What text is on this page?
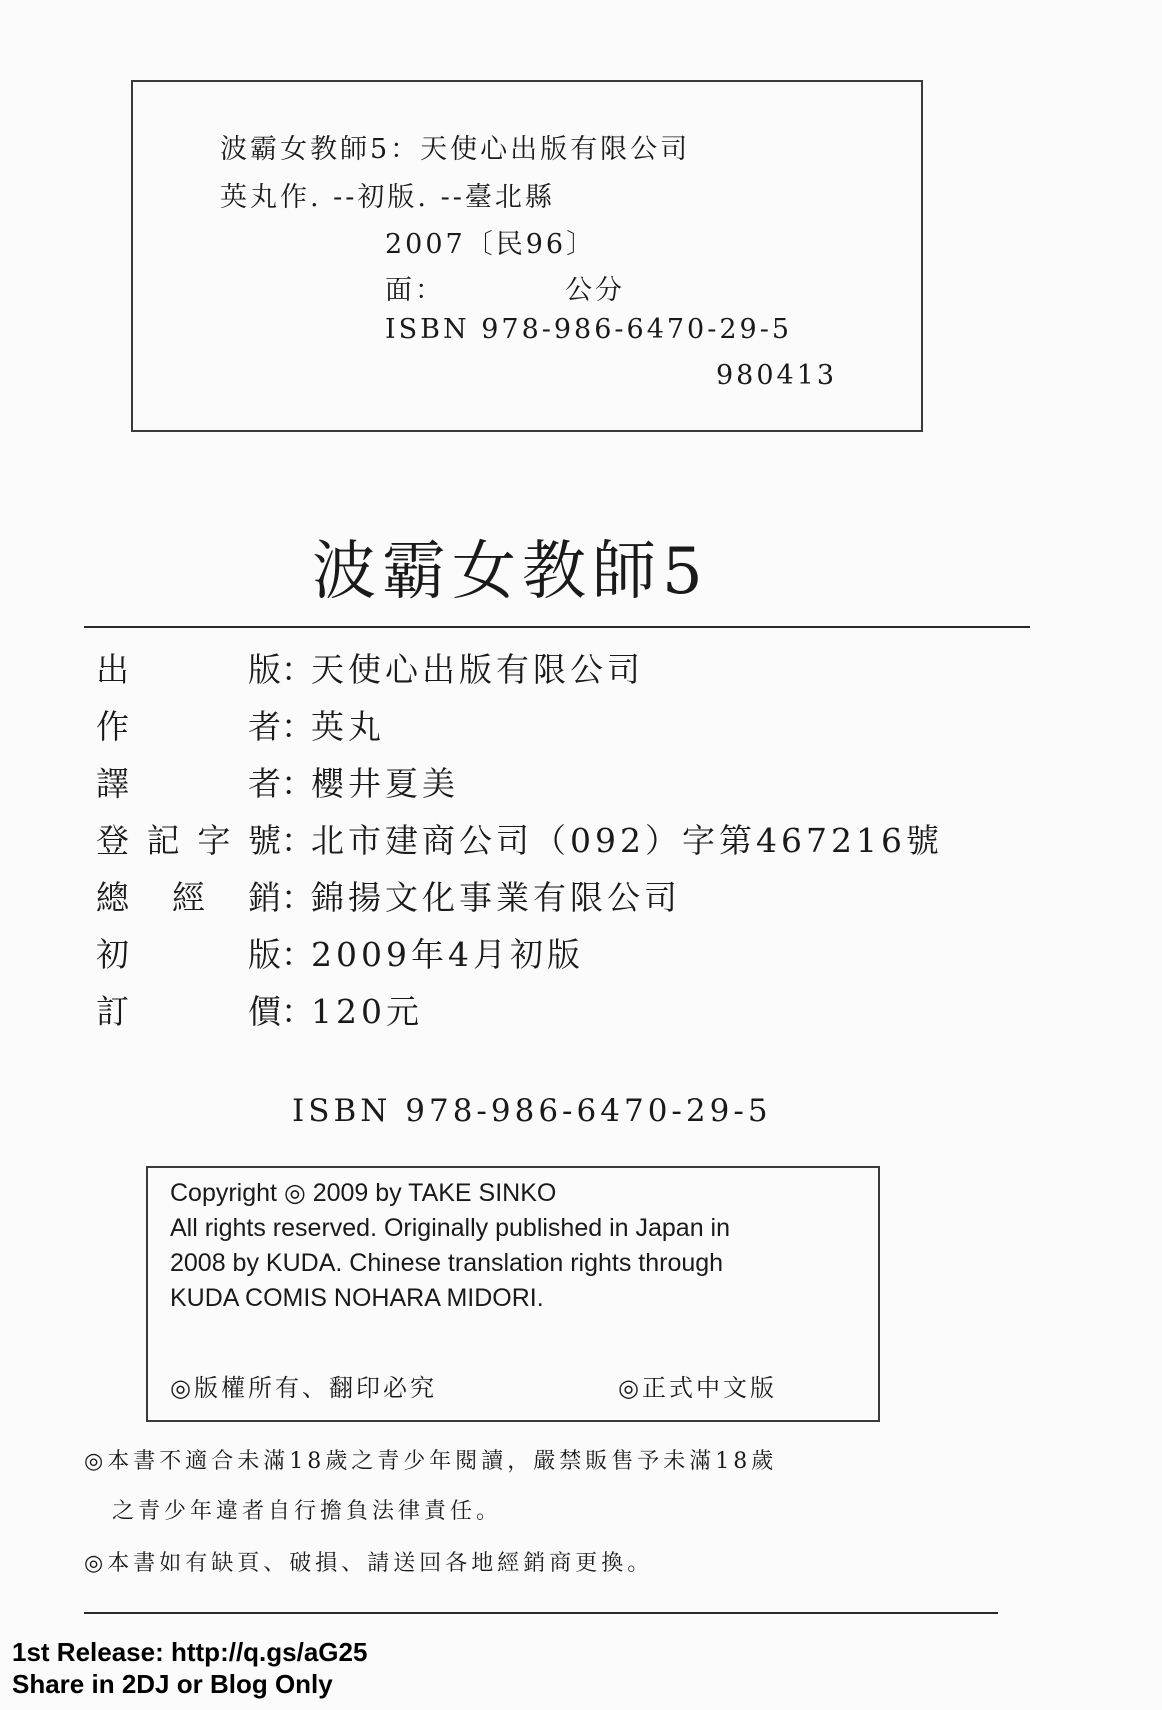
波霸女教師5：天使心出版有限公司
英丸作. --初版. --臺北縣
2007〔民96〕
面：	公分
ISBN 978-986-6470-29-5
980413
波霸女教師5
出版：天使心出版有限公司
作者：英丸
譯者：櫻井夏美
登記字號：北市建商公司（092）字第467216號
總經銷：錦揚文化事業有限公司
初版：2009年4月初版
訂價：120元
ISBN 978-986-6470-29-5
Copyright ◎ 2009 by TAKE SINKO
All rights reserved. Originally published in Japan in
2008 by KUDA. Chinese translation rights through
KUDA COMIS NOHARA MIDORI.
◎版權所有、翻印必究	◎正式中文版
◎本書不適合未滿18歲之青少年閱讀，嚴禁販售予未滿18歲
之青少年違者自行擔負法律責任。
◎本書如有缺頁、破損、請送回各地經銷商更換。
1st Release: http://q.gs/aG25
Share in 2DJ or Blog Only
